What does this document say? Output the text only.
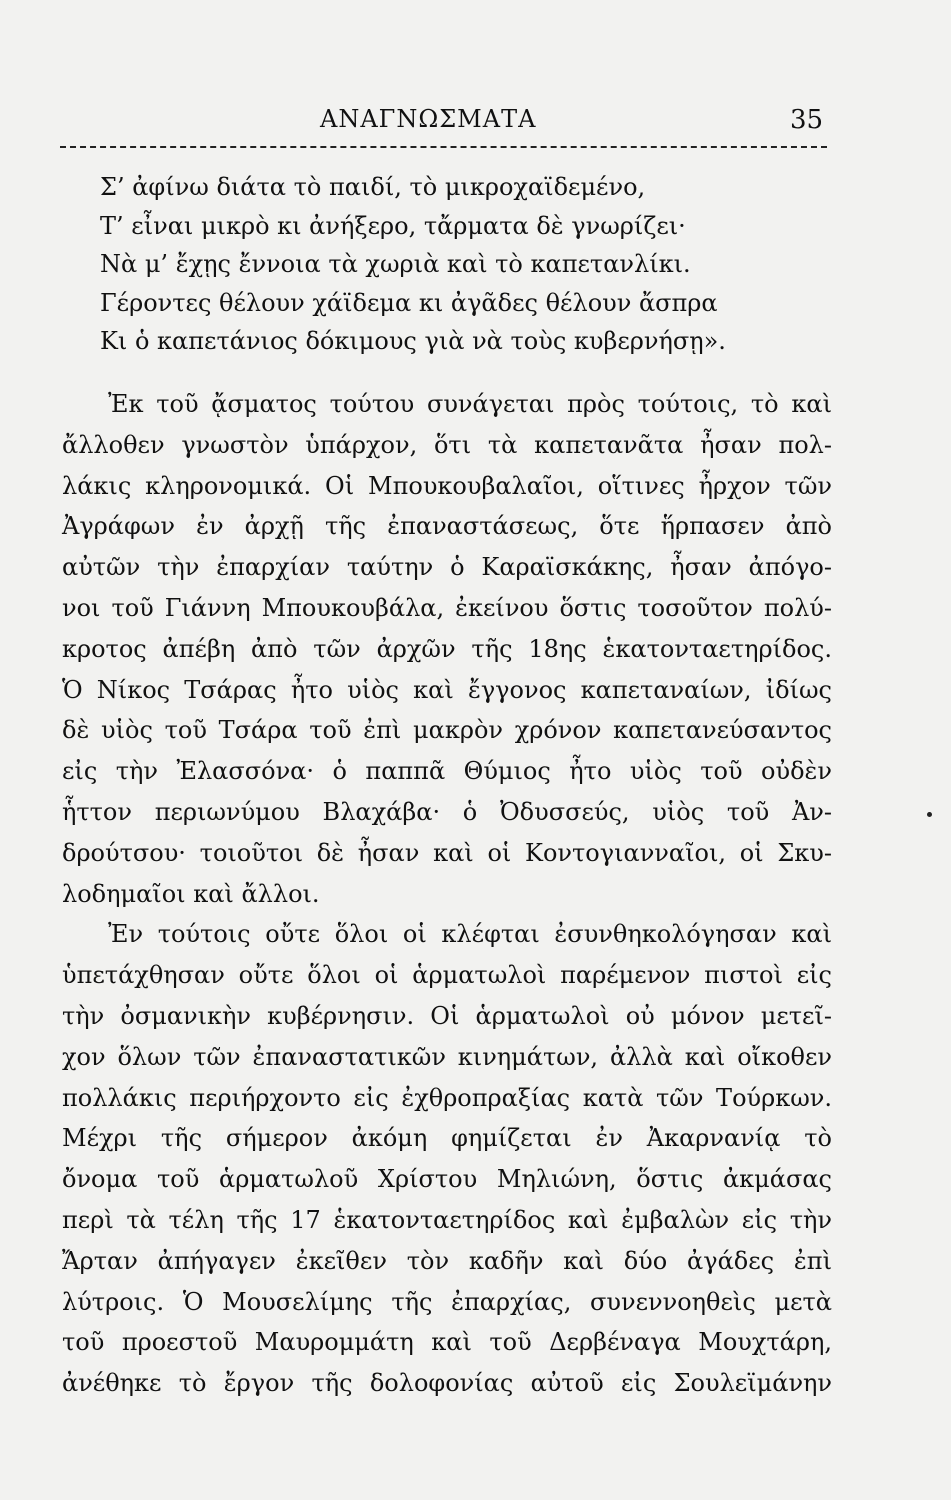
ΑΝΑΓΝΩΣΜΑΤΑ	35
Σ’ ἀφίνω διάτα τὸ παιδί, τὸ μικροχαϊδεμένο,
Τ’ εἶναι μικρὸ κι ἀνήξερο, τἄρματα δὲ γνωρίζει·
Νὰ μ’ ἔχῃς ἔννοια τὰ χωριὰ καὶ τὸ καπετανλίκι.
Γέροντες θέλουν χάϊδεμα κι ἀγᾶδες θέλουν ἄσπρα
Κι ὁ καπετάνιος δόκιμους γιὰ νὰ τοὺς κυβερνήσῃ».
Ἐκ τοῦ ᾄσματος τούτου συνάγεται πρὸς τούτοις, τὸ καὶ
ἄλλοθεν γνωστὸν ὑπάρχον, ὅτι τὰ καπετανᾶτα ἦσαν πολ-
λάκις κληρονομικά. Οἱ Μπουκουβαλαῖοι, οἵτινες ἦρχον τῶν
Ἀγράφων ἐν ἀρχῇ τῆς ἐπαναστάσεως, ὅτε ἥρπασεν ἀπὸ
αὐτῶν τὴν ἐπαρχίαν ταύτην ὁ Καραϊσκάκης, ἦσαν ἀπόγο-
νοι τοῦ Γιάννη Μπουκουβάλα, ἐκείνου ὅστις τοσοῦτον πολύ-
κροτος ἀπέβη ἀπὸ τῶν ἀρχῶν τῆς 18ης ἑκατονταετηρίδος.
Ὁ Νίκος Τσάρας ἦτο υἱὸς καὶ ἔγγονος καπεταναίων, ἰδίως
δὲ υἱὸς τοῦ Τσάρα τοῦ ἐπὶ μακρὸν χρόνον καπετανεύσαντος
εἰς τὴν Ἐλασσόνα· ὁ παππᾶ Θύμιος ἦτο υἱὸς τοῦ οὐδὲν
ἧττον περιωνύμου Βλαχάβα· ὁ Ὀδυσσεύς, υἱὸς τοῦ Ἀν-
δρούτσου· τοιοῦτοι δὲ ἦσαν καὶ οἱ Κοντογιανναῖοι, οἱ Σκυ-
λοδημαῖοι καὶ ἄλλοι.
Ἐν τούτοις οὔτε ὅλοι οἱ κλέφται ἐσυνθηκολόγησαν καὶ
ὑπετάχθησαν οὔτε ὅλοι οἱ ἁρματωλοὶ παρέμενον πιστοὶ εἰς
τὴν ὀσμανικὴν κυβέρνησιν. Οἱ ἁρματωλοὶ οὐ μόνον μετεῖ-
χον ὅλων τῶν ἐπαναστατικῶν κινημάτων, ἀλλὰ καὶ οἴκοθεν
πολλάκις περιήρχοντο εἰς ἐχθροπραξίας κατὰ τῶν Τούρκων.
Μέχρι τῆς σήμερον ἀκόμη φημίζεται ἐν Ἀκαρνανίᾳ τὸ
ὄνομα τοῦ ἁρματωλοῦ Χρίστου Μηλιώνη, ὅστις ἀκμάσας
περὶ τὰ τέλη τῆς 17 ἑκατονταετηρίδος καὶ ἐμβαλὼν εἰς τὴν
Ἄρταν ἀπήγαγεν ἐκεῖθεν τὸν καδῆν καὶ δύο ἀγάδες ἐπὶ
λύτροις. Ὁ Μουσελίμης τῆς ἐπαρχίας, συνεννοηθεὶς μετὰ
τοῦ προεστοῦ Μαυρομμάτη καὶ τοῦ Δερβέναγα Μουχτάρη,
ἀνέθηκε τὸ ἔργον τῆς δολοφονίας αὐτοῦ εἰς Σουλεϊμάνην
